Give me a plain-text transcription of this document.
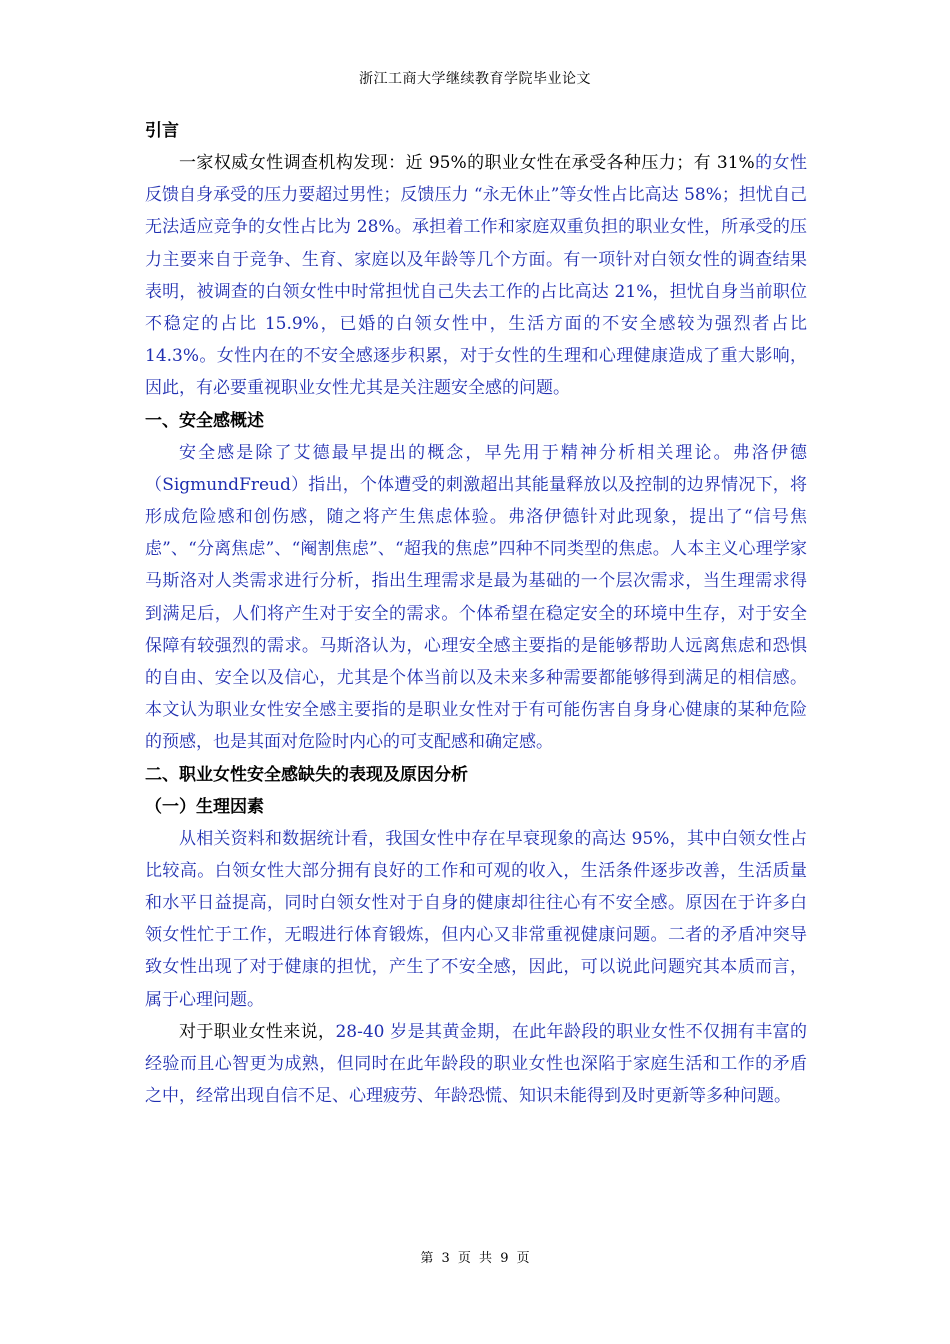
浙江工商大学继续教育学院毕业论文
引言

一家权威女性调查机构发现：近 95%的职业女性在承受各种压力；有 31%的女性反馈自身承受的压力要超过男性；反馈压力 “永无休止”等女性占比高达 58%；担忧自己无法适应竞争的女性占比为 28%。承担着工作和家庭双重负担的职业女性，所承受的压力主要来自于竞争、生育、家庭以及年龄等几个方面。有一项针对白领女性的调查结果表明，被调查的白领女性中时常担忧自己失去工作的占比高达 21%，担忧自身当前职位不稳定的占比 15.9%，已婚的白领女性中，生活方面的不安全感较为强烈者占比 14.3%。女性内在的不安全感逐步积累，对于女性的生理和心理健康造成了重大影响，因此，有必要重视职业女性尤其是关注题安全感的问题。

一、安全感概述

安全感是除了艾德最早提出的概念，早先用于精神分析相关理论。弗洛伊德（SigmundFreud）指出，个体遭受的刺激超出其能量释放以及控制的边界情况下，将形成危险感和创伤感，随之将产生焦虑体验。弗洛伊德针对此现象，提出了“信号焦虑”、“分离焦虑”、“阉割焦虑”、“超我的焦虑”四种不同类型的焦虑。人本主义心理学家马斯洛对人类需求进行分析，指出生理需求是最为基础的一个层次需求，当生理需求得到满足后，人们将产生对于安全的需求。个体希望在稳定安全的环境中生存，对于安全保障有较强烈的需求。马斯洛认为，心理安全感主要指的是能够帮助人远离焦虑和恐惧的自由、安全以及信心，尤其是个体当前以及未来多种需要都能够得到满足的相信感。本文认为职业女性安全感主要指的是职业女性对于有可能伤害自身身心健康的某种危险的预感，也是其面对危险时内心的可支配感和确定感。

二、职业女性安全感缺失的表现及原因分析
（一）生理因素

从相关资料和数据统计看，我国女性中存在早衰现象的高达 95%，其中白领女性占比较高。白领女性大部分拥有良好的工作和可观的收入，生活条件逐步改善，生活质量和水平日益提高，同时白领女性对于自身的健康却往往心有不安全感。原因在于许多白领女性忙于工作，无暇进行体育锻炼，但内心又非常重视健康问题。二者的矛盾冲突导致女性出现了对于健康的担忧，产生了不安全感，因此，可以说此问题究其本质而言，属于心理问题。

对于职业女性来说，28-40 岁是其黄金期，在此年龄段的职业女性不仅拥有丰富的经验而且心智更为成熟，但同时在此年龄段的职业女性也深陷于家庭生活和工作的矛盾之中，经常出现自信不足、心理疲劳、年龄恐慌、知识未能得到及时更新等多种问题。

第 3 页 共 9 页
